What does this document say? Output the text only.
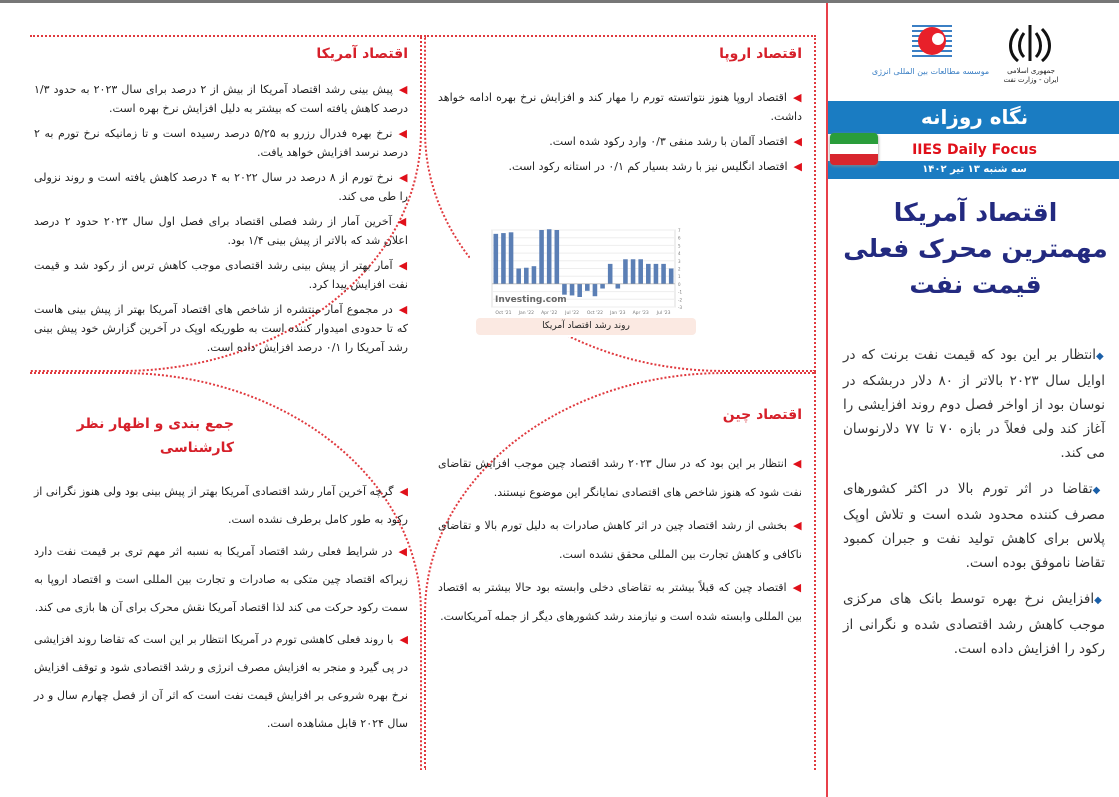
اقتصاد آمریکا

◀پیش بینی رشد اقتصاد آمریکا از بیش از ۲ درصد برای سال ۲۰۲۳ به حدود ۱/۳ درصد کاهش یافته است که بیشتر به دلیل افزایش نرخ بهره است.

◀نرخ بهره فدرال رزرو به ۵/۲۵ درصد رسیده است و تا زمانیکه نرخ تورم به ۲ درصد نرسد افزایش خواهد یافت.

◀نرخ تورم از ۸ درصد در سال ۲۰۲۲ به ۴ درصد کاهش یافته است و روند نزولی را طی می کند.

◀آخرین آمار از رشد فصلی اقتصاد برای فصل اول سال ۲۰۲۳ حدود ۲ درصد اعلان شد که بالاتر از پیش بینی ۱/۴ بود.

◀آمار بهتر از پیش بینی رشد اقتصادی موجب کاهش ترس از رکود شد و قیمت نفت افزایش پیدا کرد.

◀در مجموع آمار منتشره از شاخص های اقتصاد آمریکا بهتر از پیش بینی هاست که تا حدودی امیدوار کننده است به طوریکه اوپک در آخرین گزارش خود پیش بینی رشد آمریکا را ۰/۱ درصد افزایش داده است.

اقتصاد اروپا

◀اقتصاد اروپا هنوز نتواتسته تورم را مهار کند و افزایش نرخ بهره ادامه خواهد داشت.

◀اقتصاد آلمان با رشد منفی ۰/۳ وارد رکود شده است.

◀اقتصاد انگلیس نیز با رشد بسیار کم ۰/۱ در استانه رکود است.

جمع بندی و اظهار نظر کارشناسی

◀گرچه آخرین آمار رشد اقتصادی آمریکا بهتر از پیش بینی بود ولی هنوز نگرانی از رکود به طور کامل برطرف نشده است.

◀در شرایط فعلی رشد اقتصاد آمریکا به نسبه اثر مهم تری بر قیمت نفت دارد زیراکه اقتصاد چین متکی به صادرات و تجارت بین المللی است و اقتصاد اروپا به سمت رکود حرکت می کند لذا اقتصاد آمریکا نقش محرک برای آن ها بازی می کند.

◀با روند فعلی کاهشی تورم در آمریکا انتظار بر این است که تقاضا روند افزایشی در پی گیرد و منجر به افزایش مصرف انرژی و رشد اقتصادی شود و توقف افزایش نرخ بهره شروعی بر افزایش قیمت نفت است که اثر آن از فصل چهارم سال و در سال ۲۰۲۴ قابل مشاهده است.

اقتصاد چین

◀انتظار بر این بود که در سال ۲۰۲۳ رشد اقتصاد چین موجب افزایش تقاضای نفت شود که هنوز شاخص های اقتصادی نمایانگر این موضوع نیستند.

◀بخشی از رشد اقتصاد چین در اثر کاهش صادرات به دلیل تورم بالا و تقاضای ناکافی و کاهش تجارت بین المللی محقق نشده است.

◀اقتصاد چین که قبلاً بیشتر به تقاضای دخلی وابسته بود حالا بیشتر به اقتصاد بین المللی وابسته شده است و نیازمند رشد کشورهای دیگر از جمله آمریکاست.

7
6
5
4
3
2
1
0
-1
-2
-3
Oct '21 Jan '22 Apr '22 Jul '22 Oct '22 Jan '23 Apr '23 Jul '23
Investing.com
روند رشد اقتصاد آمریکا
موسسه مطالعات بین المللی انرژی	جمهوری اسلامی ایران - وزارت نفت
نگاه روزانه
IIES Daily Focus
سه شنبه ۱۳ تیر ۱۴۰۲
اقتصاد آمریکا مهمترین محرک فعلی قیمت نفت
◆انتظار بر این بود که قیمت نفت برنت که در اوایل سال ۲۰۲۳ بالاتر از ۸۰ دلار دربشکه در نوسان بود از اواخر فصل دوم روند افزایشی را آغاز کند ولی فعلاً در بازه ۷۰ تا ۷۷ دلارنوسان می کند.
◆تقاضا در اثر تورم بالا در اکثر کشورهای مصرف کننده محدود شده است و تلاش اوپک پلاس برای کاهش تولید نفت و جبران کمبود تقاضا ناموفق بوده است.
◆افزایش نرخ بهره توسط بانک های مرکزی موجب کاهش رشد اقتصادی شده و نگرانی از رکود را افزایش داده است.
